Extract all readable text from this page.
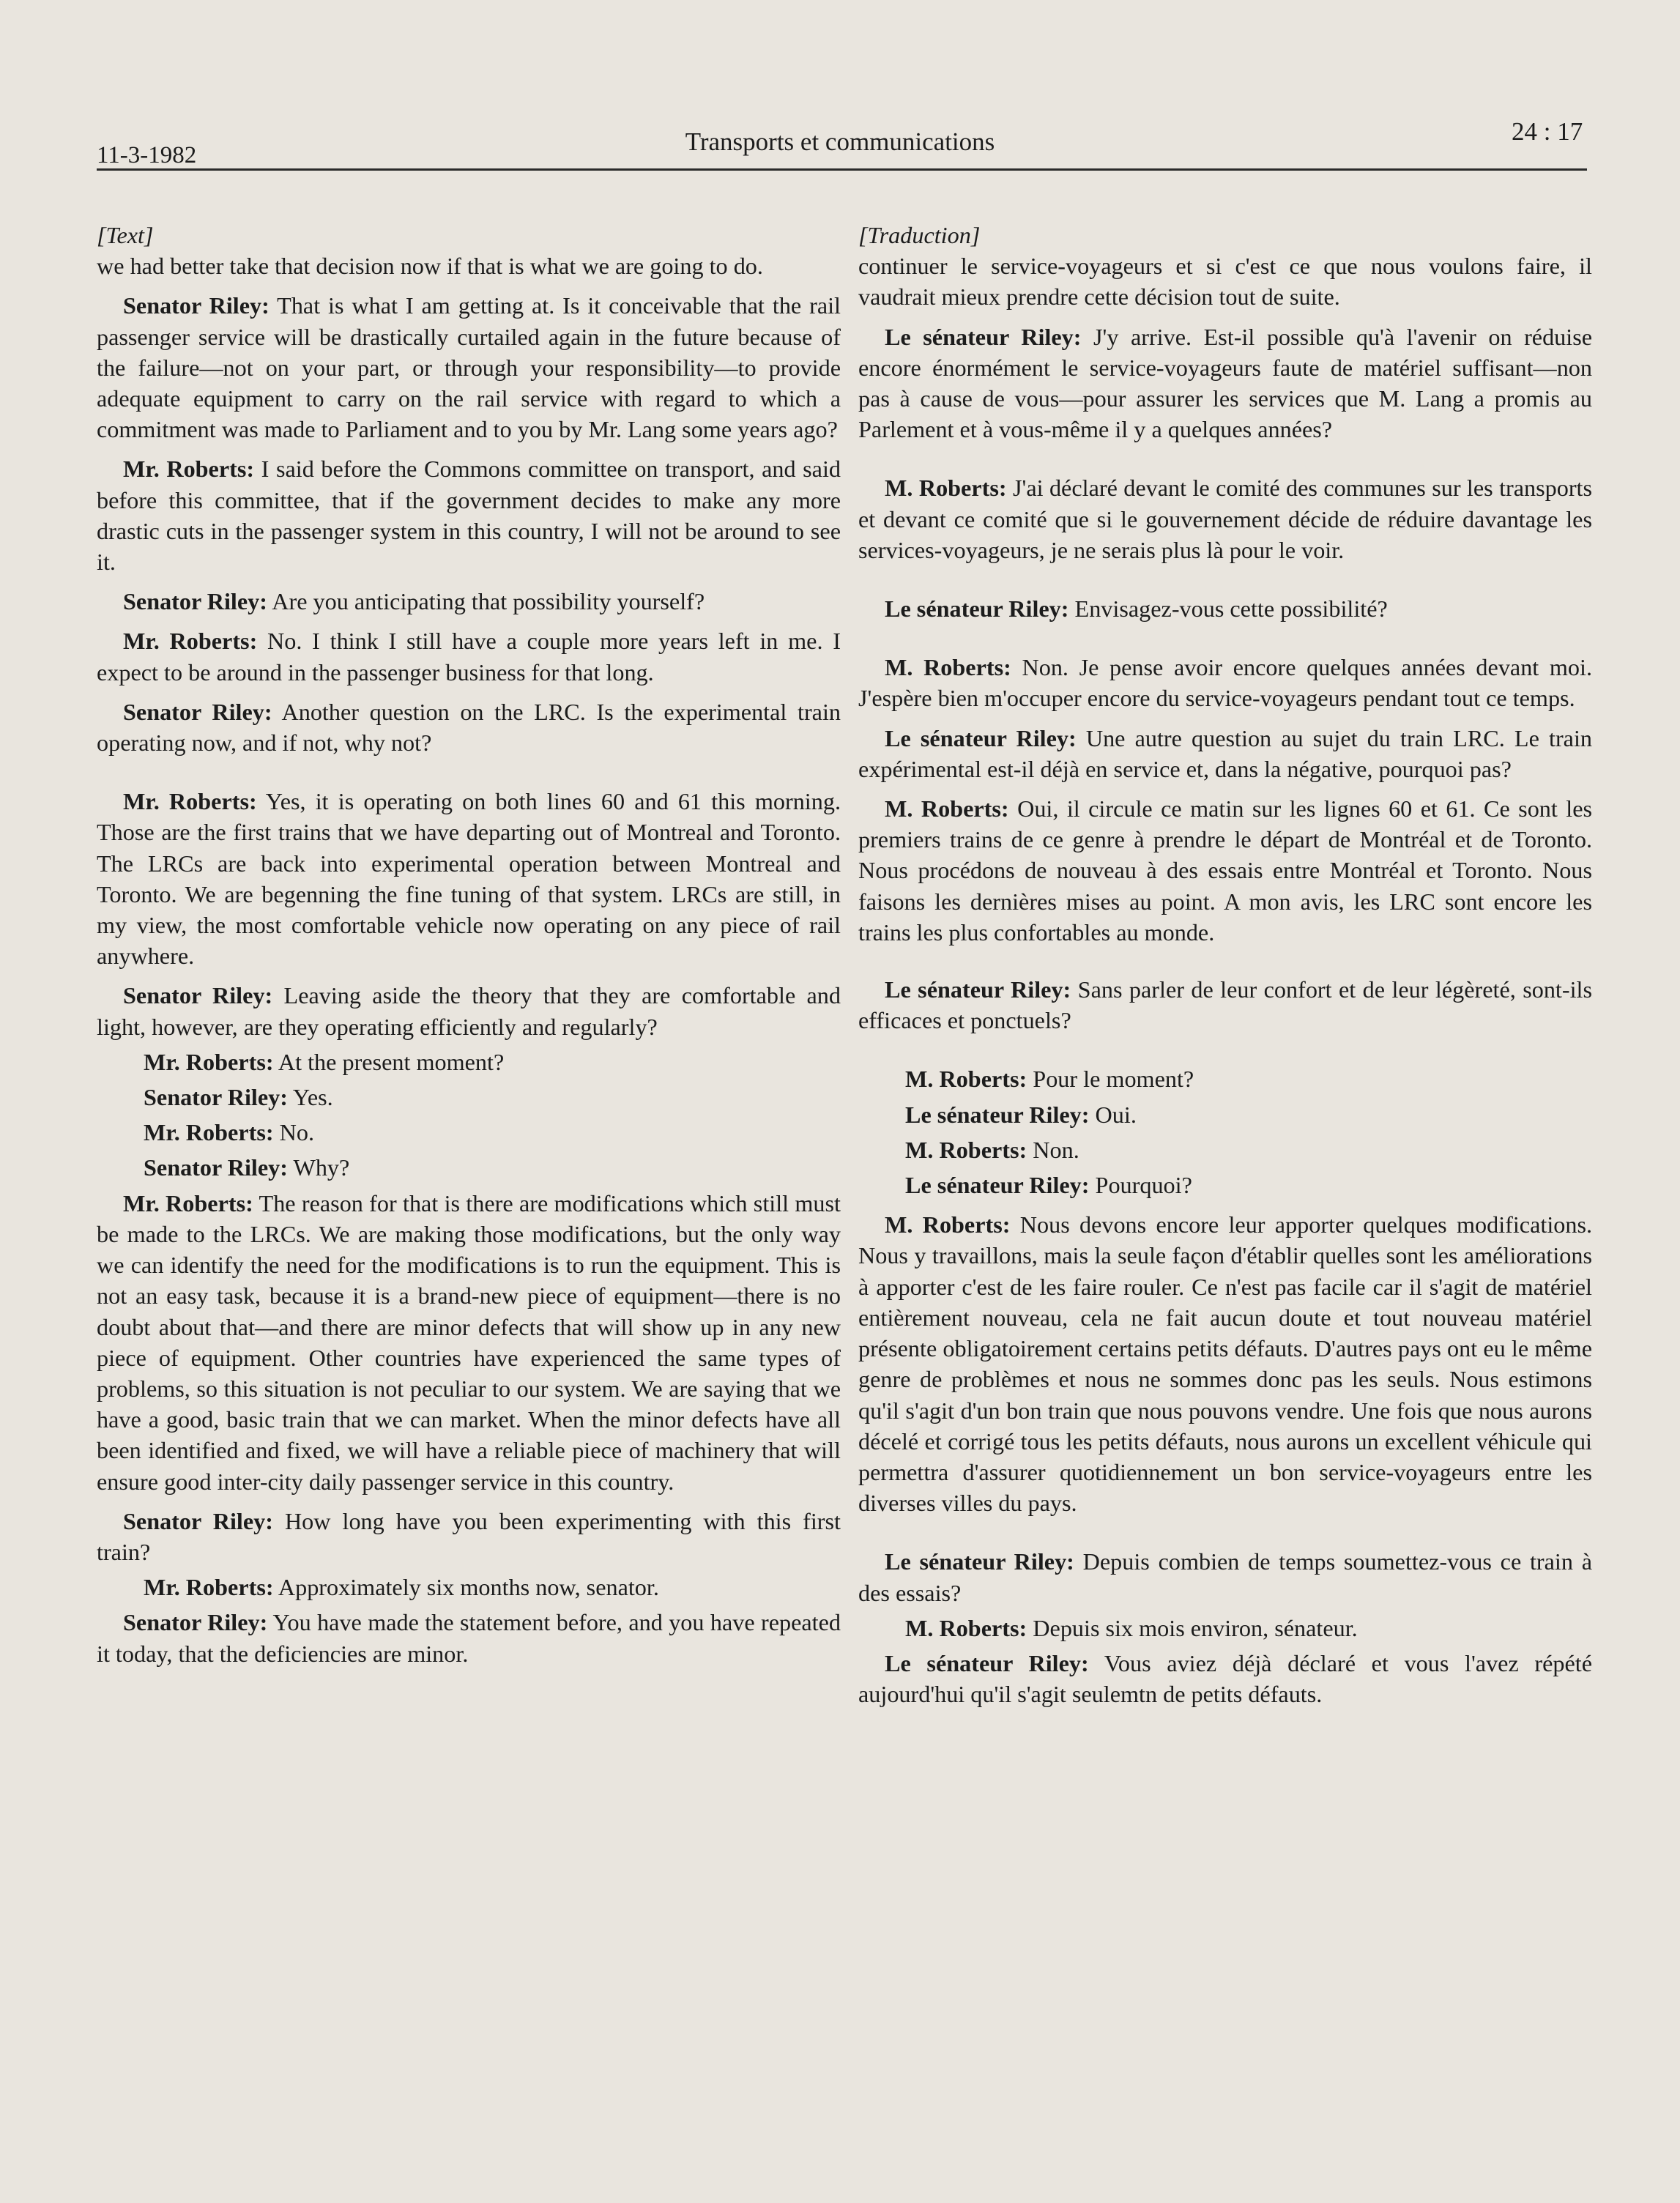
11-3-1982	Transports et communications	24 : 17

[Text]

we had better take that decision now if that is what we are going to do.

Senator Riley: That is what I am getting at. Is it conceivable that the rail passenger service will be drastically curtailed again in the future because of the failure—not on your part, or through your responsibility—to provide adequate equipment to carry on the rail service with regard to which a commitment was made to Parliament and to you by Mr. Lang some years ago?

Mr. Roberts: I said before the Commons committee on transport, and said before this committee, that if the government decides to make any more drastic cuts in the passenger system in this country, I will not be around to see it.

Senator Riley: Are you anticipating that possibility yourself?

Mr. Roberts: No. I think I still have a couple more years left in me. I expect to be around in the passenger business for that long.

Senator Riley: Another question on the LRC. Is the experimental train operating now, and if not, why not?

Mr. Roberts: Yes, it is operating on both lines 60 and 61 this morning. Those are the first trains that we have departing out of Montreal and Toronto. The LRCs are back into experimental operation between Montreal and Toronto. We are begenning the fine tuning of that system. LRCs are still, in my view, the most comfortable vehicle now operating on any piece of rail anywhere.

Senator Riley: Leaving aside the theory that they are comfortable and light, however, are they operating efficiently and regularly?

Mr. Roberts: At the present moment?

Senator Riley: Yes.

Mr. Roberts: No.

Senator Riley: Why?

Mr. Roberts: The reason for that is there are modifications which still must be made to the LRCs. We are making those modifications, but the only way we can identify the need for the modifications is to run the equipment. This is not an easy task, because it is a brand-new piece of equipment—there is no doubt about that—and there are minor defects that will show up in any new piece of equipment. Other countries have experienced the same types of problems, so this situation is not peculiar to our system. We are saying that we have a good, basic train that we can market. When the minor defects have all been identified and fixed, we will have a reliable piece of machinery that will ensure good inter-city daily passenger service in this country.

Senator Riley: How long have you been experimenting with this first train?

Mr. Roberts: Approximately six months now, senator.

Senator Riley: You have made the statement before, and you have repeated it today, that the deficiencies are minor.

[Traduction]

continuer le service-voyageurs et si c'est ce que nous voulons faire, il vaudrait mieux prendre cette décision tout de suite.

Le sénateur Riley: J'y arrive. Est-il possible qu'à l'avenir on réduise encore énormément le service-voyageurs faute de matériel suffisant—non pas à cause de vous—pour assurer les services que M. Lang a promis au Parlement et à vous-même il y a quelques années?

M. Roberts: J'ai déclaré devant le comité des communes sur les transports et devant ce comité que si le gouvernement décide de réduire davantage les services-voyageurs, je ne serais plus là pour le voir.

Le sénateur Riley: Envisagez-vous cette possibilité?

M. Roberts: Non. Je pense avoir encore quelques années devant moi. J'espère bien m'occuper encore du service-voyageurs pendant tout ce temps.

Le sénateur Riley: Une autre question au sujet du train LRC. Le train expérimental est-il déjà en service et, dans la négative, pourquoi pas?

M. Roberts: Oui, il circule ce matin sur les lignes 60 et 61. Ce sont les premiers trains de ce genre à prendre le départ de Montréal et de Toronto. Nous procédons de nouveau à des essais entre Montréal et Toronto. Nous faisons les dernières mises au point. A mon avis, les LRC sont encore les trains les plus confortables au monde.

Le sénateur Riley: Sans parler de leur confort et de leur légèreté, sont-ils efficaces et ponctuels?

M. Roberts: Pour le moment?

Le sénateur Riley: Oui.

M. Roberts: Non.

Le sénateur Riley: Pourquoi?

M. Roberts: Nous devons encore leur apporter quelques modifications. Nous y travaillons, mais la seule façon d'établir quelles sont les améliorations à apporter c'est de les faire rouler. Ce n'est pas facile car il s'agit de matériel entièrement nouveau, cela ne fait aucun doute et tout nouveau matériel présente obligatoirement certains petits défauts. D'autres pays ont eu le même genre de problèmes et nous ne sommes donc pas les seuls. Nous estimons qu'il s'agit d'un bon train que nous pouvons vendre. Une fois que nous aurons décelé et corrigé tous les petits défauts, nous aurons un excellent véhicule qui permettra d'assurer quotidiennement un bon service-voyageurs entre les diverses villes du pays.

Le sénateur Riley: Depuis combien de temps soumettez-vous ce train à des essais?

M. Roberts: Depuis six mois environ, sénateur.

Le sénateur Riley: Vous aviez déjà déclaré et vous l'avez répété aujourd'hui qu'il s'agit seulemtn de petits défauts.
